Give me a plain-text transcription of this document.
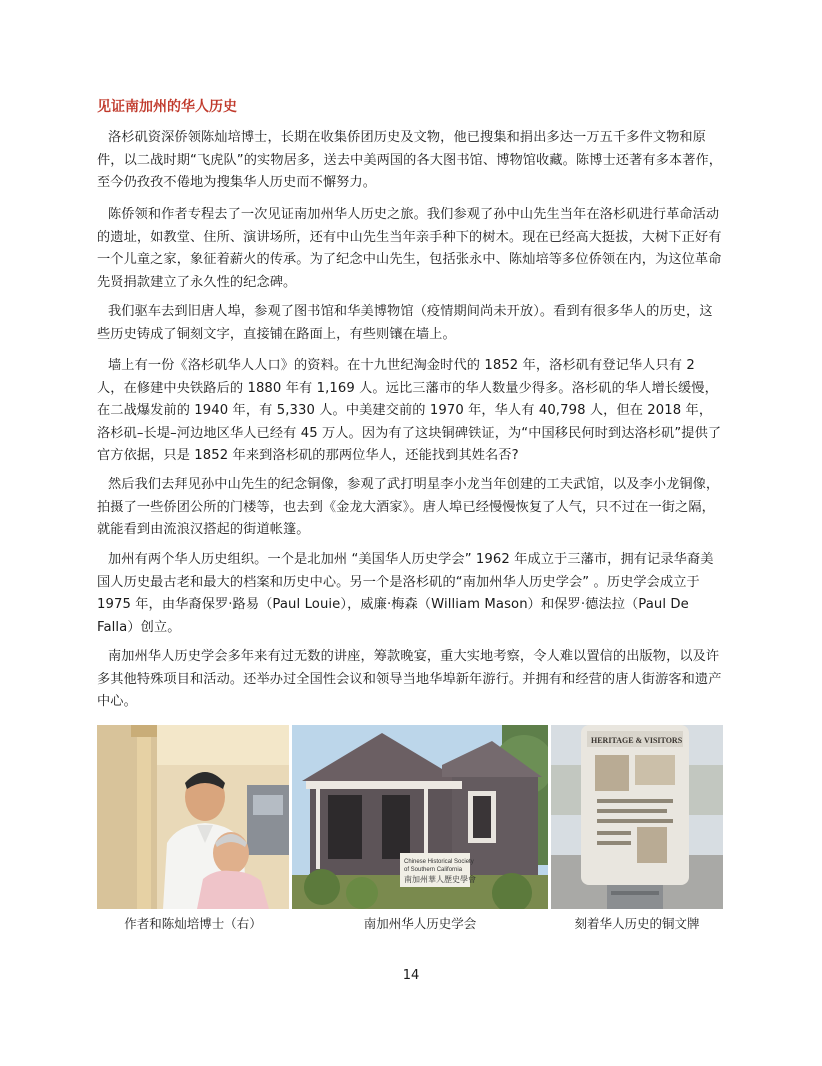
见证南加州的华人历史

洛杉矶资深侨领陈灿培博士，长期在收集侨团历史及文物，他已搜集和捐出多达一万五千多件文物和原件，以二战时期“飞虎队”的实物居多，送去中美两国的各大图书馆、博物馆收藏。陈博士还著有多本著作，至今仍孜孜不倦地为搜集华人历史而不懈努力。

陈侨领和作者专程去了一次见证南加州华人历史之旅。我们参观了孙中山先生当年在洛杉矶进行革命活动的遗址，如教堂、住所、演讲场所，还有中山先生当年亲手种下的树木。现在已经高大挺拔，大树下正好有一个儿童之家，象征着薪火的传承。为了纪念中山先生，包括张永中、陈灿培等多位侨领在内，为这位革命先贤捐款建立了永久性的纪念碑。

我们驱车去到旧唐人埠，参观了图书馆和华美博物馆（疫情期间尚未开放）。看到有很多华人的历史，这些历史铸成了铜刻文字，直接铺在路面上，有些则镶在墙上。

墙上有一份《洛杉矶华人人口》的资料。在十九世纪淘金时代的 1852 年，洛杉矶有登记华人只有 2 人，在修建中央铁路后的 1880 年有 1,169 人。远比三藩市的华人数量少得多。洛杉矶的华人增长缓慢，在二战爆发前的 1940 年，有 5,330 人。中美建交前的 1970 年，华人有 40,798 人，但在 2018 年，洛杉矶–长堤–河边地区华人已经有 45 万人。因为有了这块铜碑铁证，为“中国移民何时到达洛杉矶”提供了官方依据，只是 1852 年来到洛杉矶的那两位华人，还能找到其姓名否?

然后我们去拜见孙中山先生的纪念铜像，参观了武打明星李小龙当年创建的工夫武馆，以及李小龙铜像，拍摄了一些侨团公所的门楼等，也去到《金龙大酒家》。唐人埠已经慢慢恢复了人气，只不过在一街之隔，就能看到由流浪汉搭起的街道帐篷。

加州有两个华人历史组织。一个是北加州 “美国华人历史学会” 1962 年成立于三藩市，拥有记录华裔美国人历史最古老和最大的档案和历史中心。另一个是洛杉矶的“南加州华人历史学会” 。历史学会成立于 1975 年，由华裔保罗·路易（Paul Louie），威廉·梅森（William Mason）和保罗·德法拉（Paul De Falla）创立。

南加州华人历史学会多年来有过无数的讲座，筹款晚宴，重大实地考察，令人难以置信的出版物，以及许多其他特殊项目和活动。还举办过全国性会议和领导当地华埠新年游行。并拥有和经营的唐人街游客和遗产中心。

Chinese Historical Society
of Southern California
南加州華人歷史學會
HERITAGE & VISITORS

作者和陈灿培博士（右）	南加州华人历史学会	刻着华人历史的铜文牌

14
